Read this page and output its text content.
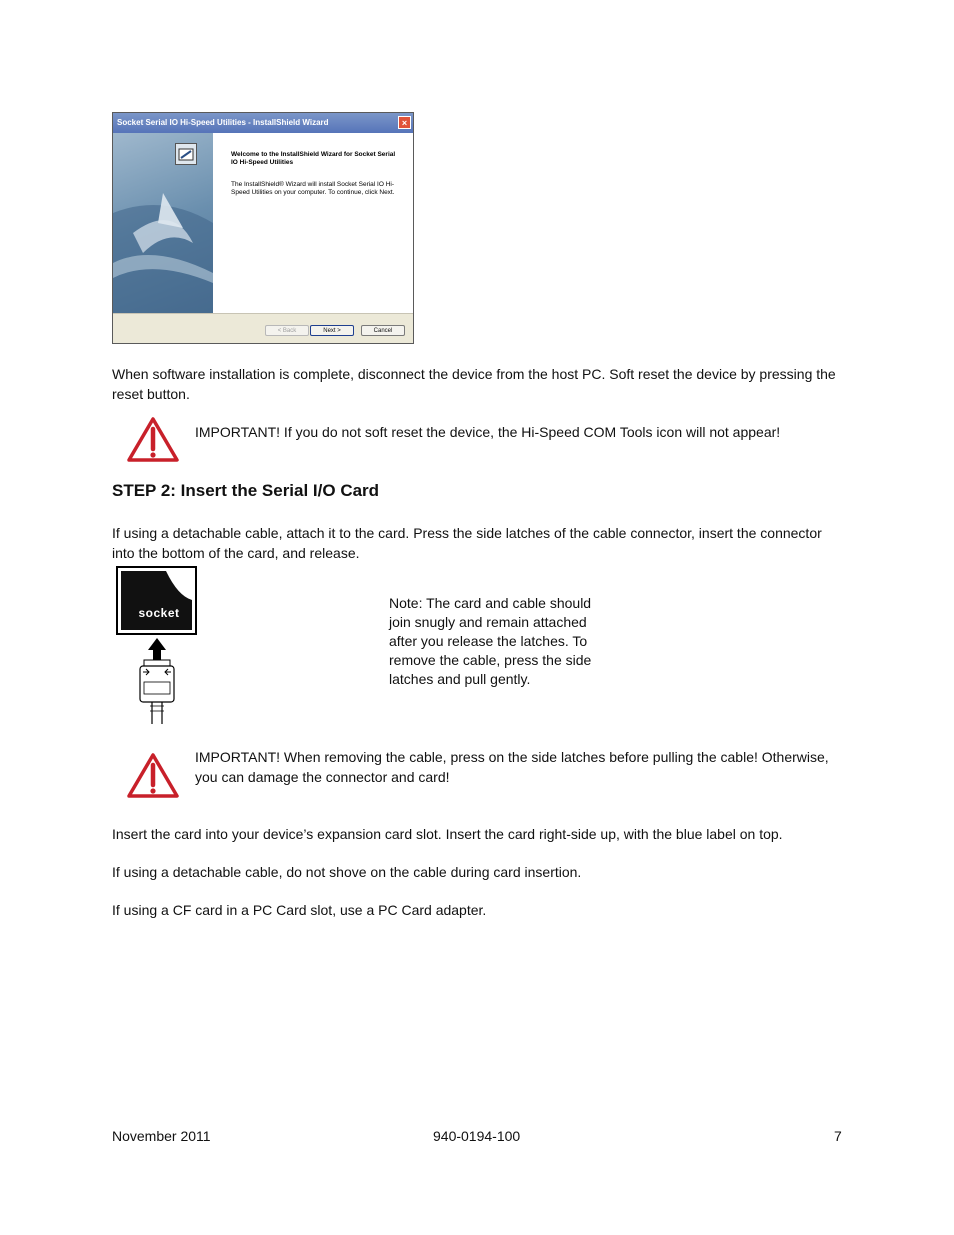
Socket Serial IO Hi-Speed Utilities - InstallShield Wizard	×
Welcome to the InstallShield Wizard for Socket Serial IO Hi-Speed Utilities
The InstallShield® Wizard will install Socket Serial IO Hi-Speed Utilities on your computer. To continue, click Next.
< Back	Next >	Cancel
When software installation is complete, disconnect the device from the host PC. Soft reset the device by pressing the reset button.
IMPORTANT! If you do not soft reset the device, the Hi-Speed COM Tools icon will not appear!
STEP 2: Insert the Serial I/O Card
If using a detachable cable, attach it to the card. Press the side latches of the cable connector, insert the connector into the bottom of the card, and release.
socket
Note: The card and cable should join snugly and remain attached after you release the latches. To remove the cable, press the side latches and pull gently.
IMPORTANT! When removing the cable, press on the side latches before pulling the cable! Otherwise, you can damage the connector and card!
Insert the card into your device’s expansion card slot. Insert the card right-side up, with the blue label on top.
If using a detachable cable, do not shove on the cable during card insertion.
If using a CF card in a PC Card slot, use a PC Card adapter.
November 2011	940-0194-100	7
